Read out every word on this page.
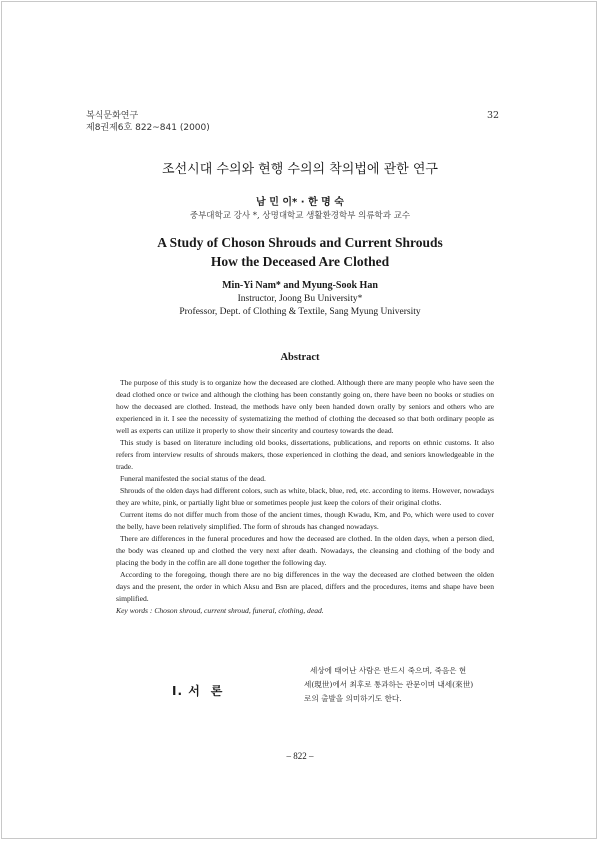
복식문화연구
제8권제6호 822~841 (2000)
32
조선시대 수의와 현행 수의의 착의법에 관한 연구
남 민 이* · 한 명 숙
중부대학교 강사 *, 상명대학교 생활환경학부 의류학과 교수
A Study of Choson Shrouds and Current Shrouds
How the Deceased Are Clothed
Min-Yi Nam* and Myung-Sook Han
Instructor, Joong Bu University*
Professor, Dept. of Clothing & Textile, Sang Myung University
Abstract

The purpose of this study is to organize how the deceased are clothed. Although there are many people who have seen the dead clothed once or twice and although the clothing has been constantly going on, there have been no books or studies on how the deceased are clothed. Instead, the methods have only been handed down orally by seniors and others who are experienced in it. I see the necessity of systematizing the method of clothing the deceased so that both ordinary people as well as experts can utilize it properly to show their sincerity and courtesy towards the dead.

This study is based on literature including old books, dissertations, publications, and reports on ethnic customs. It also refers from interview results of shrouds makers, those experienced in clothing the dead, and seniors knowledgeable in the trade.

Funeral manifested the social status of the dead.

Shrouds of the olden days had different colors, such as white, black, blue, red, etc. according to items. However, nowadays they are white, pink, or partially light blue or sometimes people just keep the colors of their original cloths.

Current items do not differ much from those of the ancient times, though Kwadu, Km, and Po, which were used to cover the belly, have been relatively simplified. The form of shrouds has changed nowadays.

There are differences in the funeral procedures and how the deceased are clothed. In the olden days, when a person died, the body was cleaned up and clothed the very next after death. Nowadays, the cleansing and clothing of the body and placing the body in the coffin are all done together the following day.

According to the foregoing, though there are no big differences in the way the deceased are clothed between the olden days and the present, the order in which Aksu and Bsn are placed, differs and the procedures, items and shape have been simplified.

Key words : Choson shroud, current shroud, funeral, clothing, dead.

I. 서 론

세상에 태어난 사람은 반드시 죽으며, 죽음은 현

세(現世)에서 최후로 통과하는 관문이며 내세(來世)

로의 출발을 의미하기도 한다.

– 822 –
